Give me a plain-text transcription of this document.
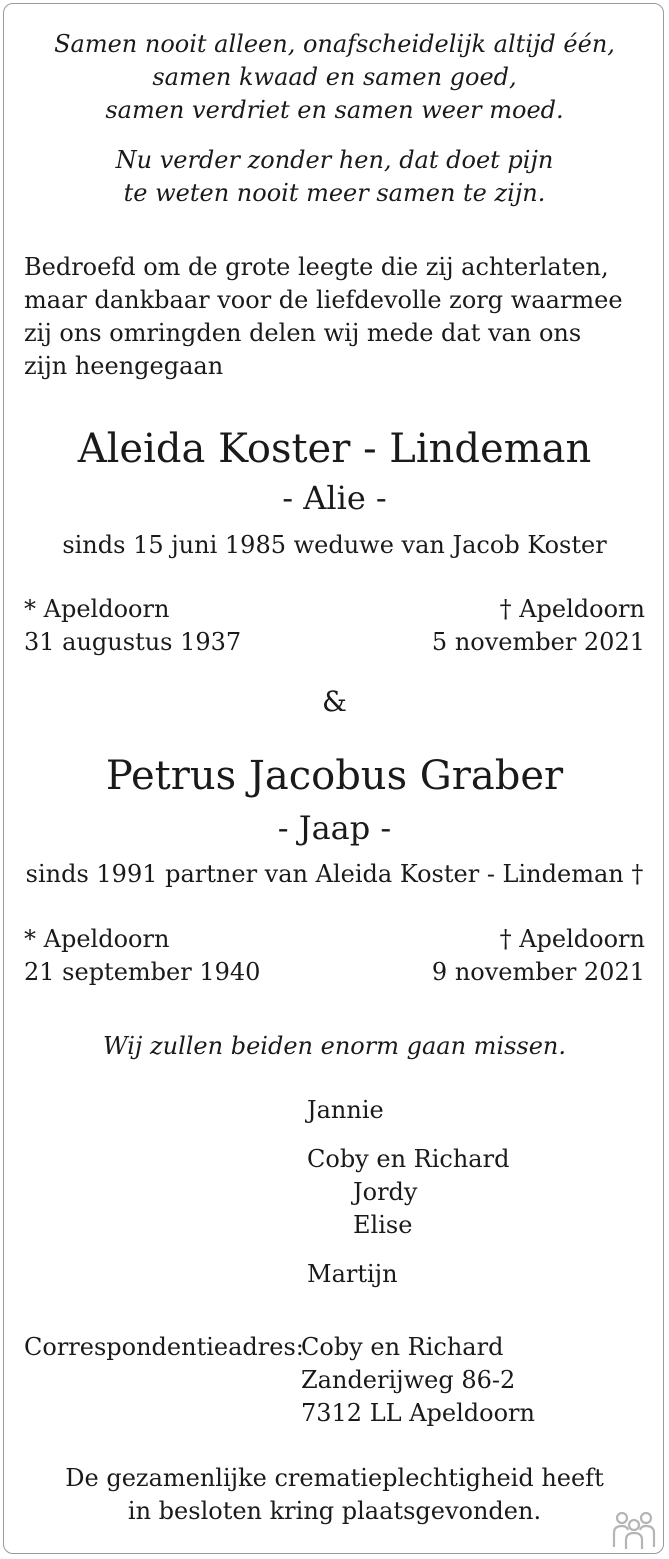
Samen nooit alleen, onafscheidelijk altijd één,
samen kwaad en samen goed,
samen verdriet en samen weer moed.
Nu verder zonder hen, dat doet pijn
te weten nooit meer samen te zijn.
Bedroefd om de grote leegte die zij achterlaten,
maar dankbaar voor de liefdevolle zorg waarmee
zij ons omringden delen wij mede dat van ons
zijn heengegaan
Aleida Koster - Lindeman
- Alie -
sinds 15 juni 1985 weduwe van Jacob Koster
* Apeldoorn
31 augustus 1937
† Apeldoorn
5 november 2021
&
Petrus Jacobus Graber
- Jaap -
sinds 1991 partner van Aleida Koster - Lindeman †
* Apeldoorn
21 september 1940
† Apeldoorn
9 november 2021
Wij zullen beiden enorm gaan missen.
Jannie
Coby en Richard
Jordy
Elise
Martijn
Correspondentieadres:
Coby en Richard
Zanderijweg 86-2
7312 LL Apeldoorn
De gezamenlijke crematieplechtigheid heeft
in besloten kring plaatsgevonden.
